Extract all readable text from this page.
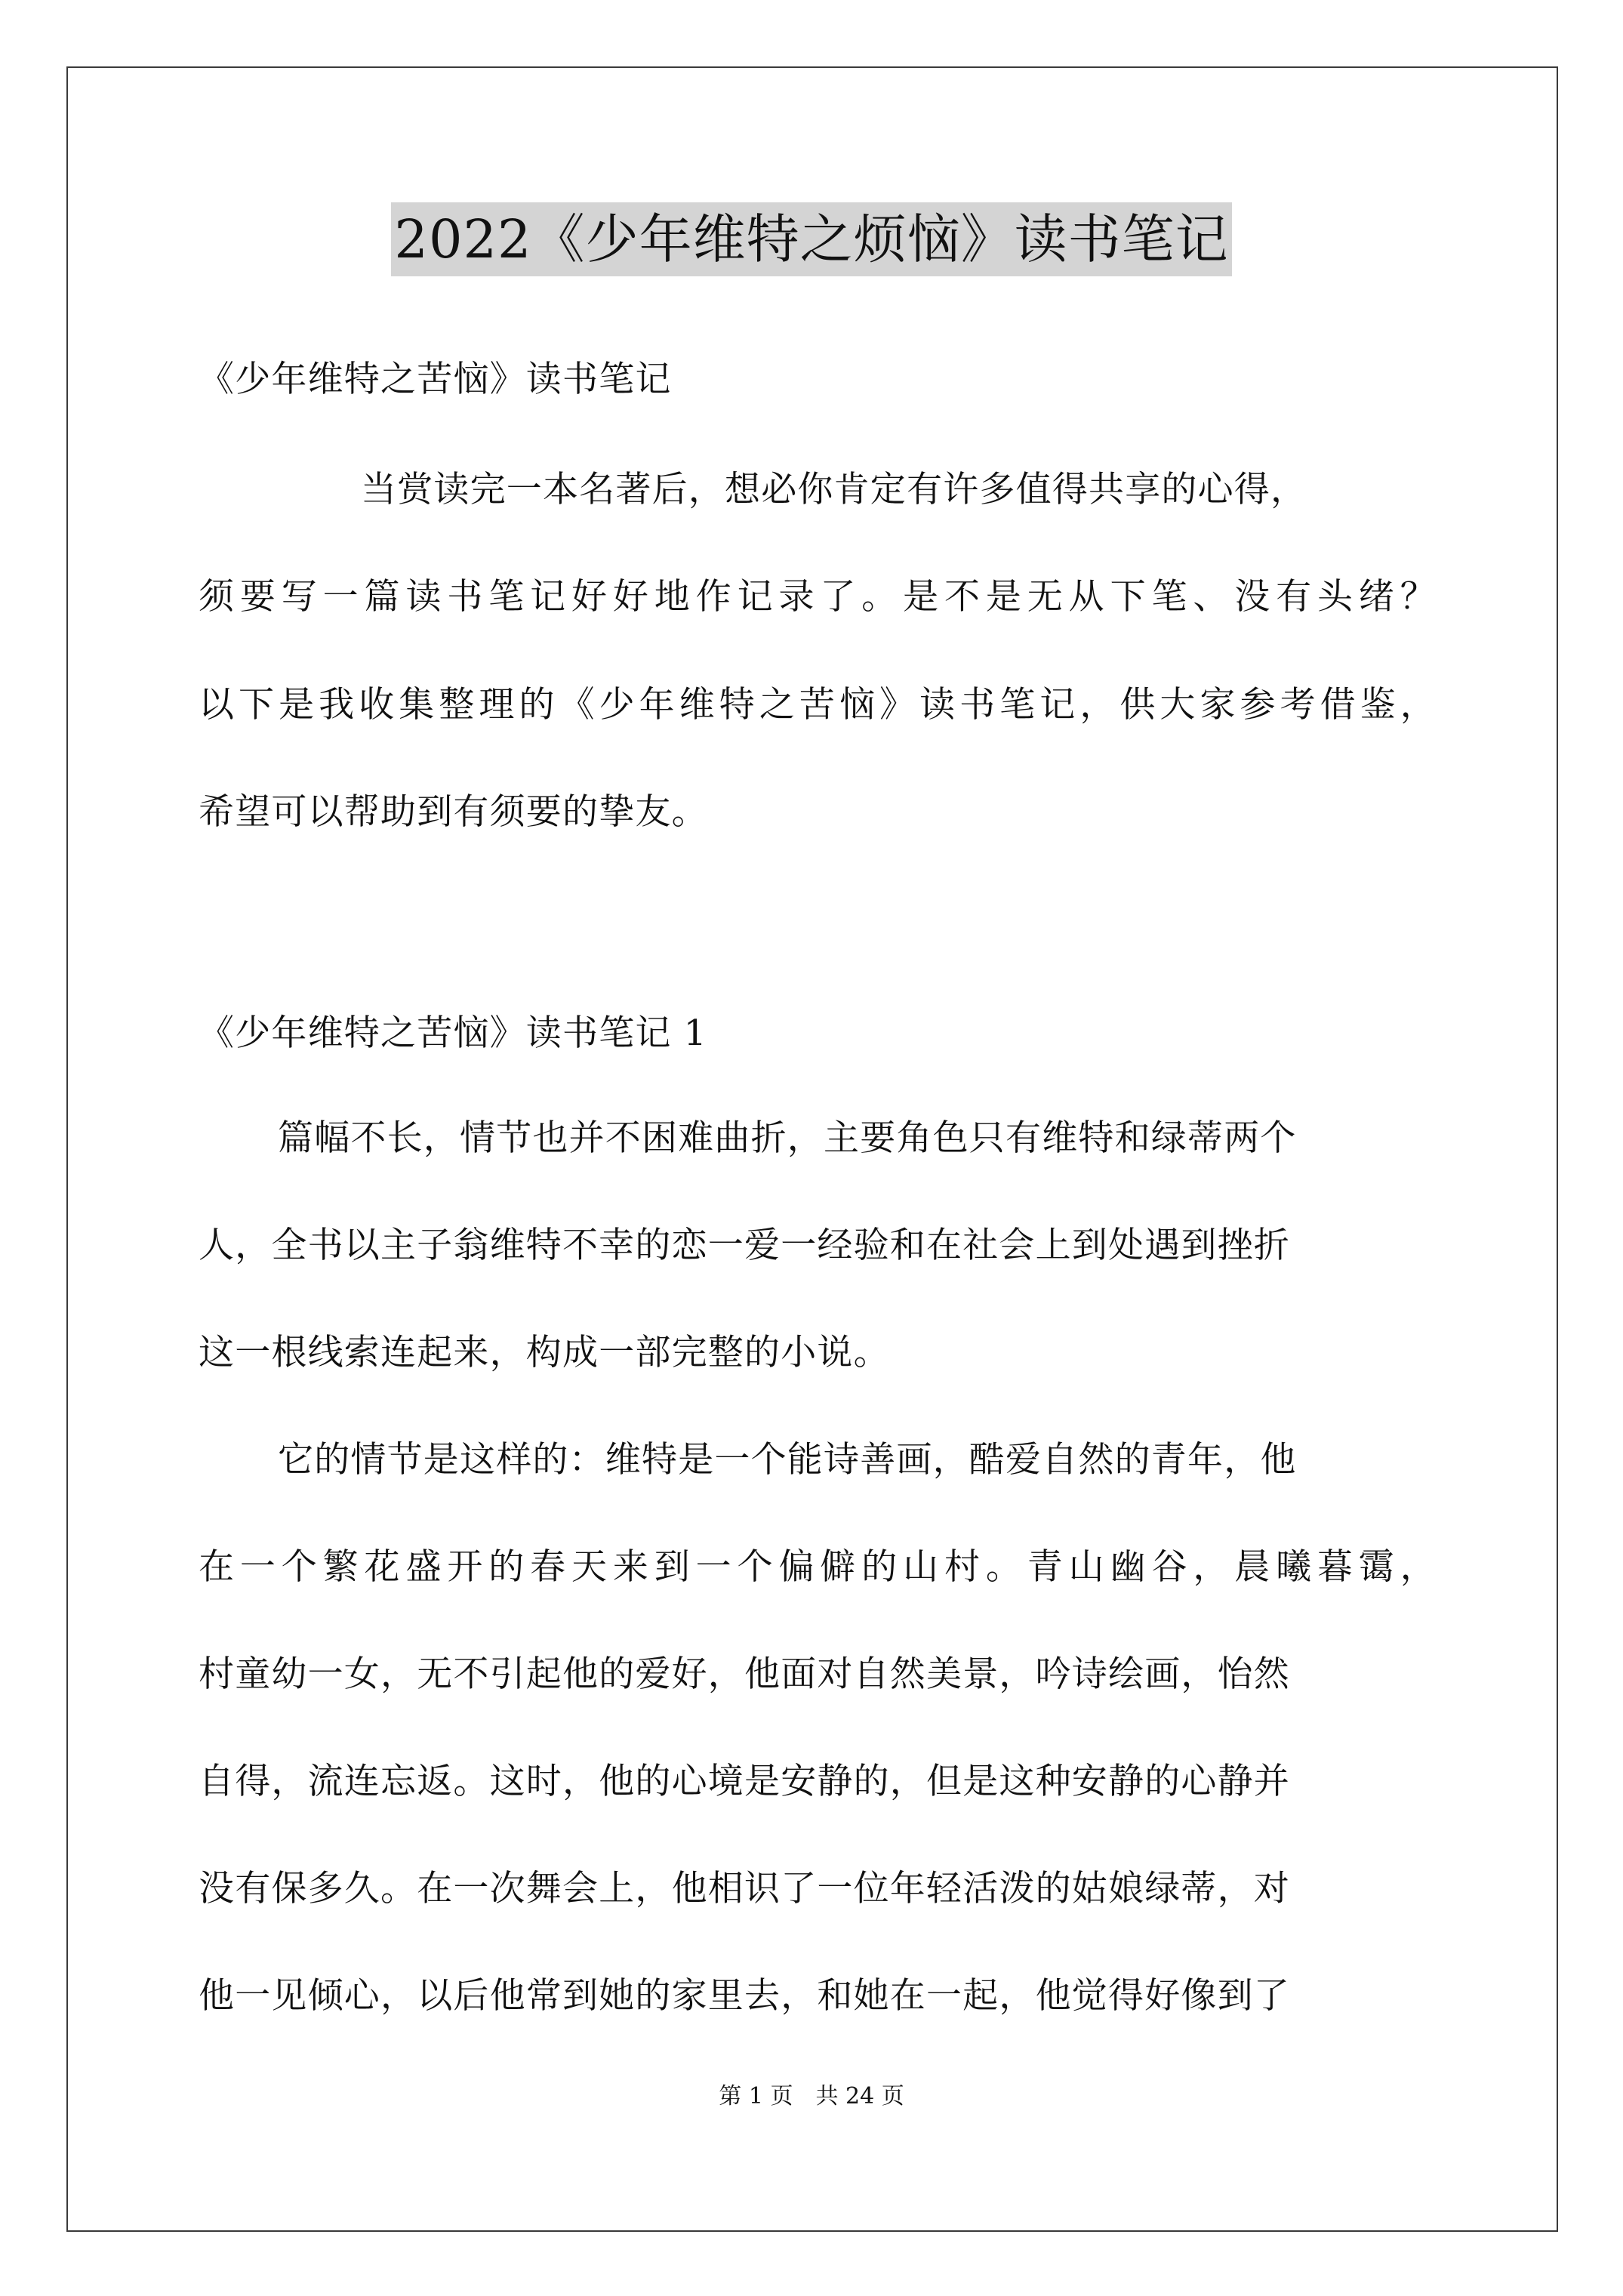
2022《少年维特之烦恼》读书笔记
《少年维特之苦恼》读书笔记
当赏读完一本名著后，想必你肯定有许多值得共享的心得，
须要写一篇读书笔记好好地作记录了。是不是无从下笔、没有头绪？
以下是我收集整理的《少年维特之苦恼》读书笔记，供大家参考借鉴，
希望可以帮助到有须要的挚友。
《少年维特之苦恼》读书笔记 1
篇幅不长，情节也并不困难曲折，主要角色只有维特和绿蒂两个
人，全书以主子翁维特不幸的恋一爱一经验和在社会上到处遇到挫折
这一根线索连起来，构成一部完整的小说。
它的情节是这样的：维特是一个能诗善画，酷爱自然的青年，他
在一个繁花盛开的春天来到一个偏僻的山村。青山幽谷，晨曦暮霭，
村童幼一女，无不引起他的爱好，他面对自然美景，吟诗绘画，怡然
自得，流连忘返。这时，他的心境是安静的，但是这种安静的心静并
没有保多久。在一次舞会上，他相识了一位年轻活泼的姑娘绿蒂，对
他一见倾心，以后他常到她的家里去，和她在一起，他觉得好像到了
第 1 页　共 24 页
